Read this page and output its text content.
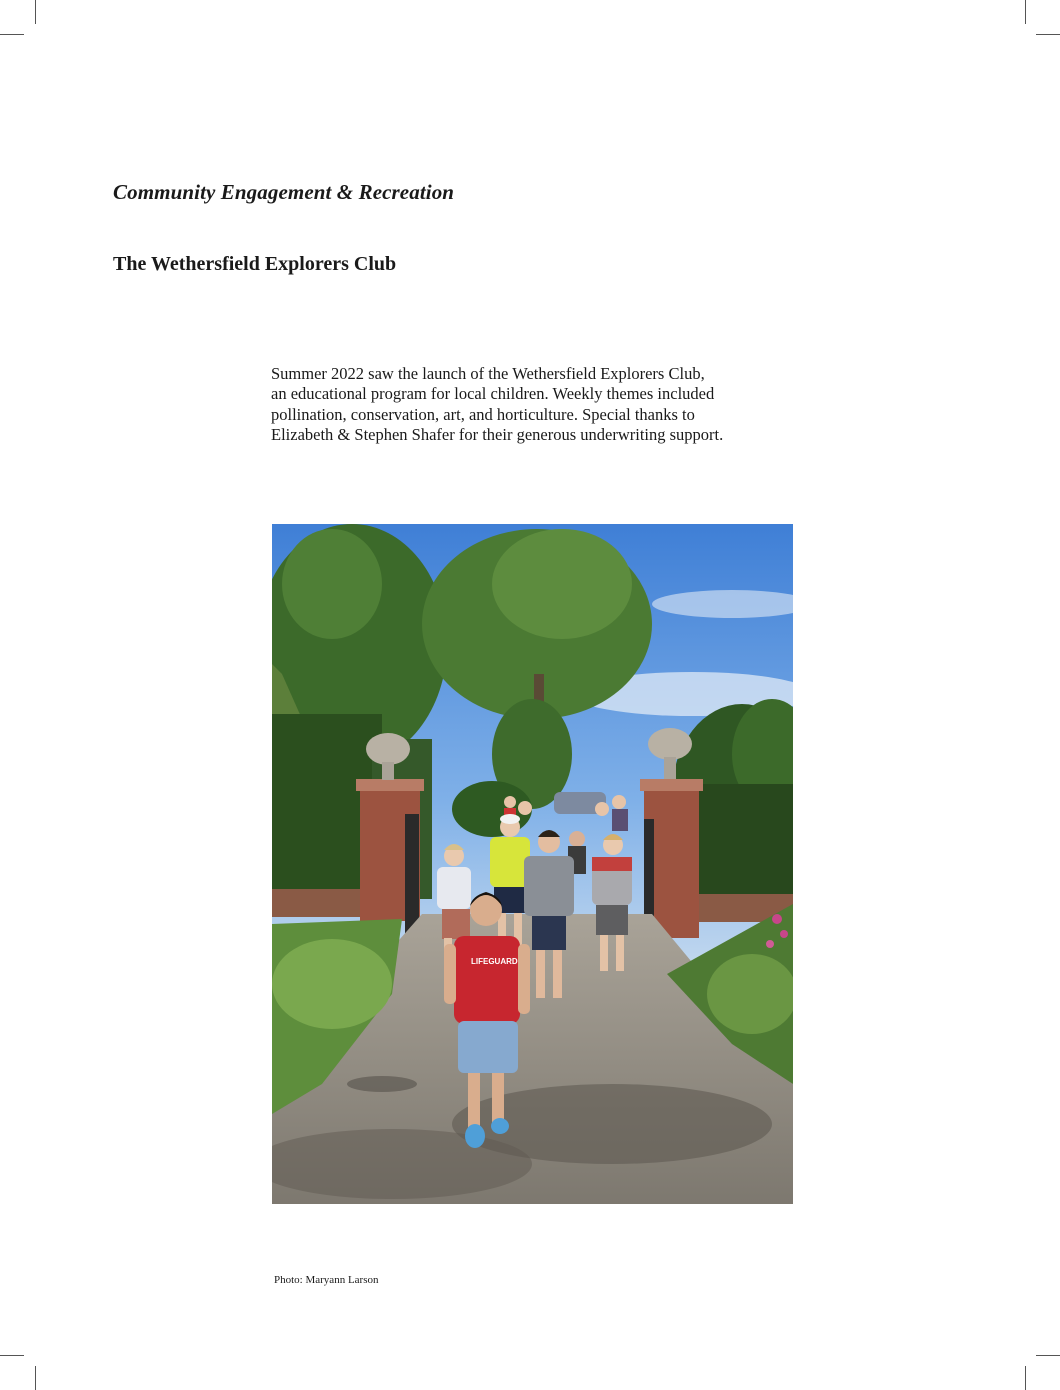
Community Engagement & Recreation
The Wethersfield Explorers Club

Summer 2022 saw the launch of the Wethersfield Explorers Club,
an educational program for local children. Weekly themes included
pollination, conservation, art, and horticulture. Special thanks to
Elizabeth & Stephen Shafer for their generous underwriting support.

LIFEGUARD

Photo: Maryann Larson
